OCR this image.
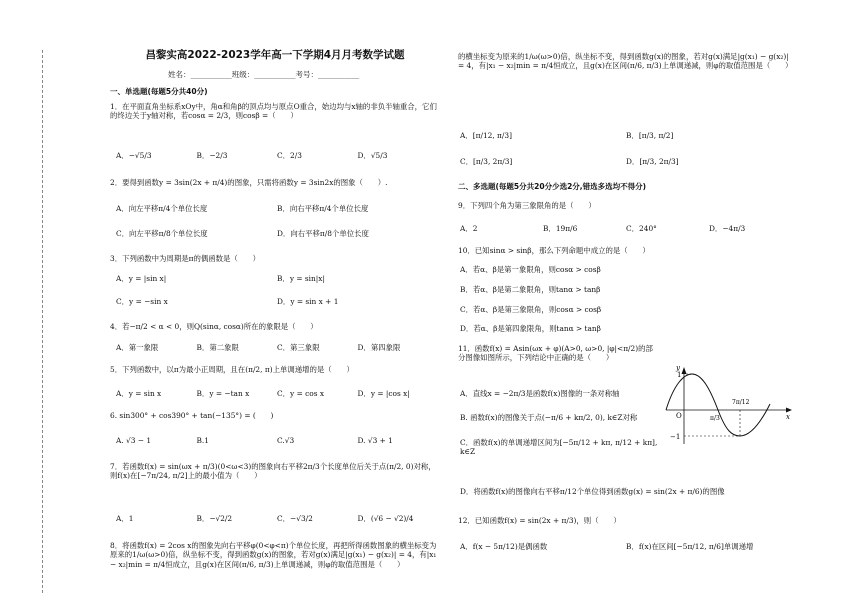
昌黎实高2022-2023学年高一下学期4月月考数学试题
姓名：___________班级：___________考号：___________
一、单选题(每题5分共40分)
1．在平面直角坐标系xOy中，角α和角β的顶点均与原点O重合，始边均与x轴的非负半轴重合，它们的终边关于y轴对称，若cosα = 2/3，则cosβ =（　　）
A．−√5/3	B．−2/3	C．2/3	D．√5/3
2．要得到函数y = 3sin(2x + π/4)的图象，只需将函数y = 3sin2x的图象（　　）.
A．向左平移π/4个单位长度	B．向右平移π/4个单位长度
C．向左平移π/8个单位长度	D．向右平移π/8个单位长度
3．下列函数中为周期是π的偶函数是（　　）
A．y = |sin x|	B．y = sin|x|
C．y = −sin x	D．y = sin x + 1
4．若−π/2 < α < 0，则Q(sinα, cosα)所在的象限是（　　）
A．第一象限	B．第二象限	C．第三象限	D．第四象限
5．下列函数中，以π为最小正周期，且在(π/2, π)上单调递增的是（　　）
A．y = sin x	B．y = −tan x	C．y = cos x	D．y = |cos x|
6. sin300° + cos390° + tan(−135°) = (　　)
A. √3 − 1	B.1	C.√3	D. √3 + 1
7．若函数f(x) = sin(ωx + π/3)(0<ω<3)的图象向右平移2π/3个长度单位后关于点(π/2, 0)对称，则f(x)在[−7π/24, π/2]上的最小值为（　　）
A．1	B．−√2/2	C．−√3/2	D．(√6 − √2)/4
8．将函数f(x) = 2cos x的图象先向右平移φ(0<φ<π)个单位长度，再把所得函数图象的横坐标变为原来的1/ω(ω>0)倍，纵坐标不变，得到函数g(x)的图象，若对g(x)满足|g(x₁) − g(x₂)| = 4，有|x₁ − x₂|min = π/4恒成立，且g(x)在区间(π/6, π/3)上单调递减，则φ的取值范围是（　　）
的横坐标变为原来的1/ω(ω>0)倍，纵坐标不变，得到函数g(x)的图象，若对g(x)满足|g(x₁) − g(x₂)| = 4，有|x₁ − x₂|min = π/4恒成立，且g(x)在区间(π/6, π/3)上单调递减，则φ的取值范围是（　　）
A．[π/12, π/3]	B．[π/3, π/2]
C．[π/3, 2π/3]	D．[π/3, 2π/3]
二、多选题(每题5分共20分少选2分,错选多选均不得分)
9．下列四个角为第三象限角的是（　　）
A．2	B．19π/6	C．240°	D．−4π/3
10．已知sinα > sinβ，那么下列命题中成立的是（　　）
A．若α、β是第一象限角，则cosα > cosβ
B．若α、β是第二象限角，则tanα > tanβ
C．若α、β是第三象限角，则cosα > cosβ
D．若α、β是第四象限角，则tanα > tanβ
11．函数f(x) = Asin(ωx + φ)(A>0, ω>0, |φ|<π/2)的部分图像如图所示，下列结论中正确的是（　　）
A．直线x = −2π/3是函数f(x)图像的一条对称轴
B. 函数f(x)的图像关于点(−π/6 + kπ/2, 0), k∈Z对称
C．函数f(x)的单调递增区间为[−5π/12 + kπ, π/12 + kπ], k∈Z
D．将函数f(x)的图像向右平移π/12个单位得到函数g(x) = sin(2x + π/6)的图像
y
x
O
1
−1
π/3
7π/12
12．已知函数f(x) = sin(2x + π/3)，则（　　）
A．f(x − 5π/12)是偶函数	B．f(x)在区间[−5π/12, π/6]单调递增
